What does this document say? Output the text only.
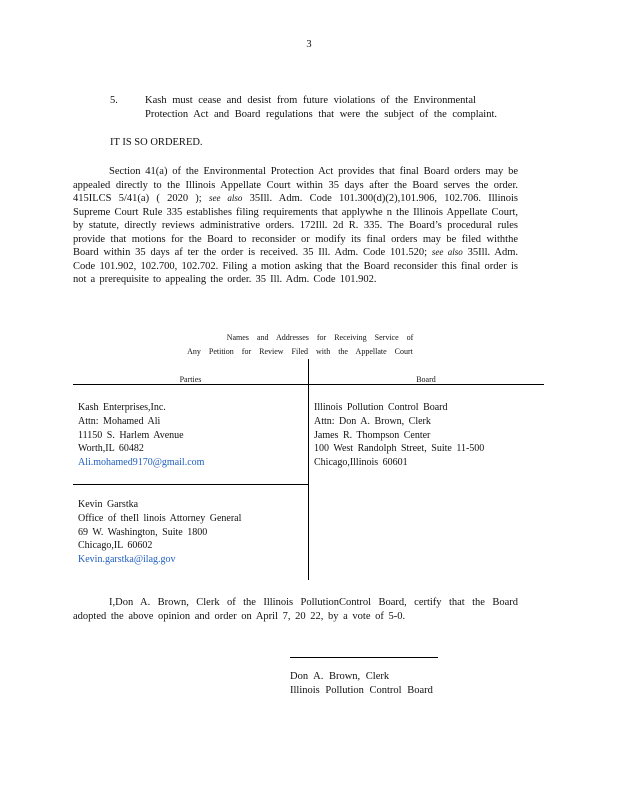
3
5.	Kash must cease and desist from future violations of the Environmental Protection Act and Board regulations that were the subject of the complaint.
IT IS SO ORDERED.
Section 41(a) of the Environmental Protection Act provides that final Board orders may be appealed directly to the Illinois Appellate Court within 35 days after the Board serves the order. 415ILCS 5/41(a) ( 2020 ); see also 35Ill. Adm. Code 101.300(d)(2),101.906, 102.706. Illinois Supreme Court Rule 335 establishes filing requirements that applywhe n the Illinois Appellate Court, by statute, directly reviews administrative orders. 172Ill. 2d R. 335. The Board’s procedural rules provide that motions for the Board to reconsider or modify its final orders may be filed withthe Board within 35 days af ter the order is received. 35 Ill. Adm. Code 101.520; see also 35Ill. Adm. Code 101.902, 102.700, 102.702. Filing a motion asking that the Board reconsider this final order is not a prerequisite to appealing the order. 35 Ill. Adm. Code 101.902.
Names and Addresses for Receiving Service of
Any Petition for Review Filed with the Appellate Court
Parties	Board
Kash Enterprises,Inc.
Attn: Mohamed Ali
11150 S. Harlem Avenue
Worth,IL 60482
Ali.mohamed9170@gmail.com
Kevin Garstka
Office of theIl linois Attorney General
69 W. Washington, Suite 1800
Chicago,IL 60602
Kevin.garstka@ilag.gov
Illinois Pollution Control Board
Attn: Don A. Brown, Clerk
James R. Thompson Center
100 West Randolph Street, Suite 11-500
Chicago,Illinois 60601
I,Don A. Brown, Clerk of the Illinois PollutionControl Board, certify that the Board adopted the above opinion and order on April 7, 20 22, by a vote of 5-0.
Don A. Brown, Clerk
Illinois Pollution Control Board
